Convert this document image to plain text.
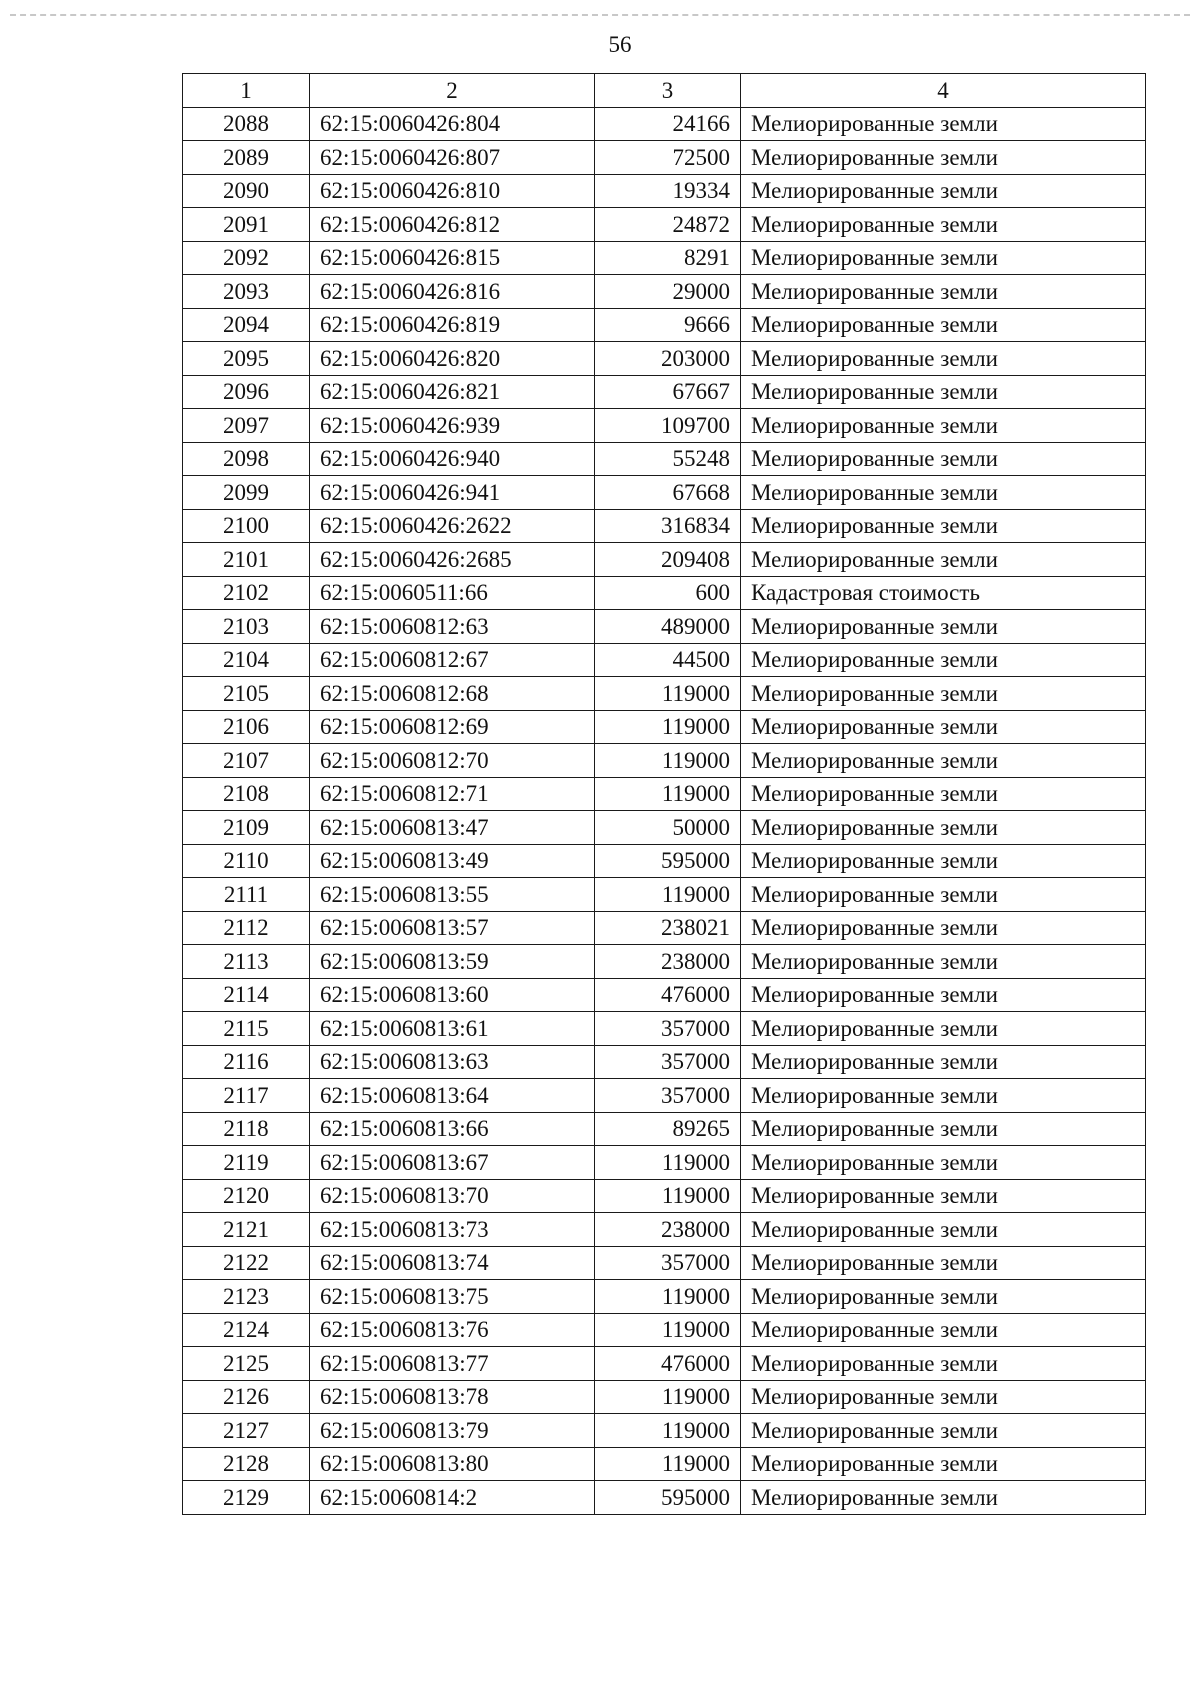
56
1	2	3	4
2088	62:15:0060426:804	24166	Мелиорированные земли
2089	62:15:0060426:807	72500	Мелиорированные земли
2090	62:15:0060426:810	19334	Мелиорированные земли
2091	62:15:0060426:812	24872	Мелиорированные земли
2092	62:15:0060426:815	8291	Мелиорированные земли
2093	62:15:0060426:816	29000	Мелиорированные земли
2094	62:15:0060426:819	9666	Мелиорированные земли
2095	62:15:0060426:820	203000	Мелиорированные земли
2096	62:15:0060426:821	67667	Мелиорированные земли
2097	62:15:0060426:939	109700	Мелиорированные земли
2098	62:15:0060426:940	55248	Мелиорированные земли
2099	62:15:0060426:941	67668	Мелиорированные земли
2100	62:15:0060426:2622	316834	Мелиорированные земли
2101	62:15:0060426:2685	209408	Мелиорированные земли
2102	62:15:0060511:66	600	Кадастровая стоимость
2103	62:15:0060812:63	489000	Мелиорированные земли
2104	62:15:0060812:67	44500	Мелиорированные земли
2105	62:15:0060812:68	119000	Мелиорированные земли
2106	62:15:0060812:69	119000	Мелиорированные земли
2107	62:15:0060812:70	119000	Мелиорированные земли
2108	62:15:0060812:71	119000	Мелиорированные земли
2109	62:15:0060813:47	50000	Мелиорированные земли
2110	62:15:0060813:49	595000	Мелиорированные земли
2111	62:15:0060813:55	119000	Мелиорированные земли
2112	62:15:0060813:57	238021	Мелиорированные земли
2113	62:15:0060813:59	238000	Мелиорированные земли
2114	62:15:0060813:60	476000	Мелиорированные земли
2115	62:15:0060813:61	357000	Мелиорированные земли
2116	62:15:0060813:63	357000	Мелиорированные земли
2117	62:15:0060813:64	357000	Мелиорированные земли
2118	62:15:0060813:66	89265	Мелиорированные земли
2119	62:15:0060813:67	119000	Мелиорированные земли
2120	62:15:0060813:70	119000	Мелиорированные земли
2121	62:15:0060813:73	238000	Мелиорированные земли
2122	62:15:0060813:74	357000	Мелиорированные земли
2123	62:15:0060813:75	119000	Мелиорированные земли
2124	62:15:0060813:76	119000	Мелиорированные земли
2125	62:15:0060813:77	476000	Мелиорированные земли
2126	62:15:0060813:78	119000	Мелиорированные земли
2127	62:15:0060813:79	119000	Мелиорированные земли
2128	62:15:0060813:80	119000	Мелиорированные земли
2129	62:15:0060814:2	595000	Мелиорированные земли
